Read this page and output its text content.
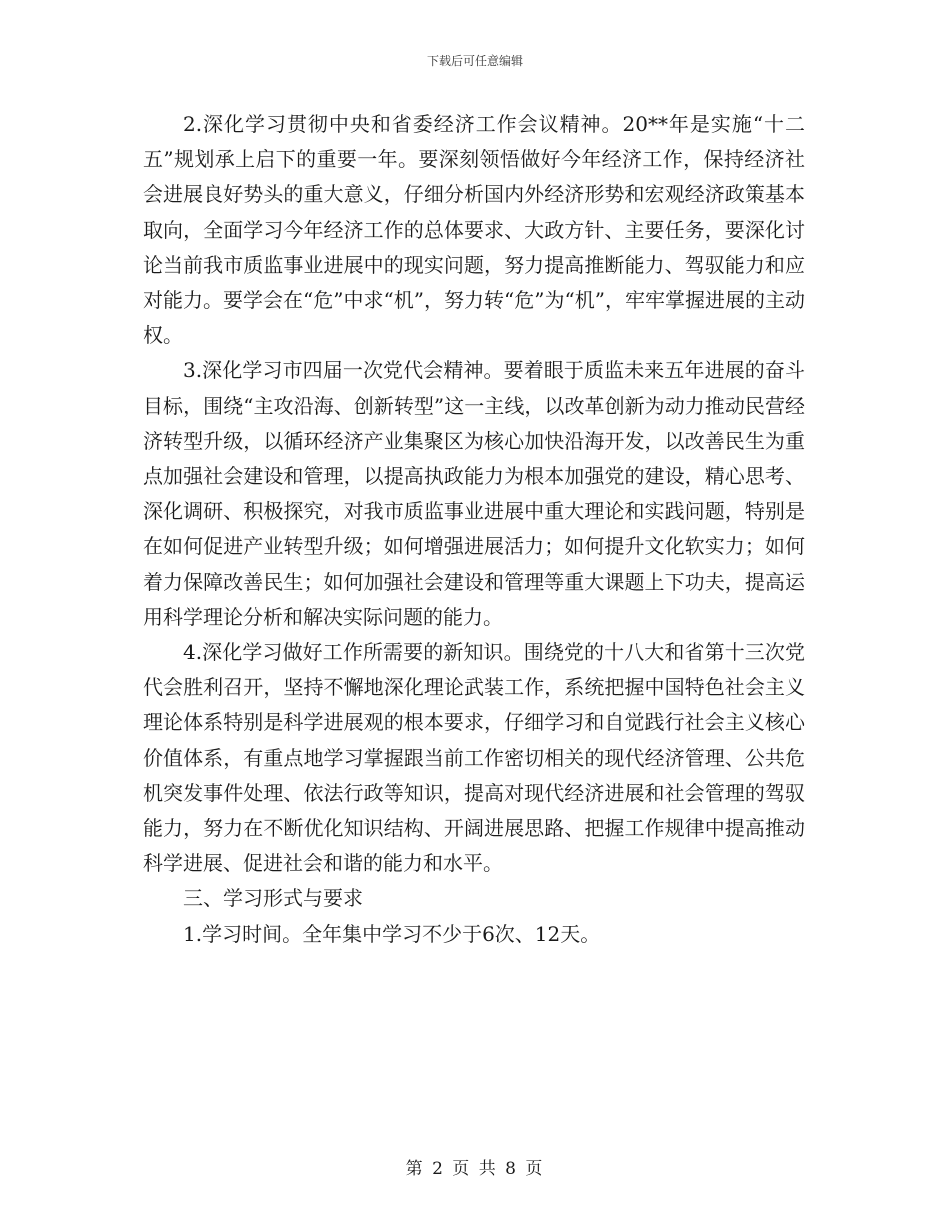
下载后可任意编辑

2.深化学习贯彻中央和省委经济工作会议精神。20**年是实施“十二五”规划承上启下的重要一年。要深刻领悟做好今年经济工作，保持经济社会进展良好势头的重大意义，仔细分析国内外经济形势和宏观经济政策基本取向，全面学习今年经济工作的总体要求、大政方针、主要任务，要深化讨论当前我市质监事业进展中的现实问题，努力提高推断能力、驾驭能力和应对能力。要学会在“危”中求“机”，努力转“危”为“机”，牢牢掌握进展的主动权。

3.深化学习市四届一次党代会精神。要着眼于质监未来五年进展的奋斗目标，围绕“主攻沿海、创新转型”这一主线，以改革创新为动力推动民营经济转型升级，以循环经济产业集聚区为核心加快沿海开发，以改善民生为重点加强社会建设和管理，以提高执政能力为根本加强党的建设，精心思考、深化调研、积极探究，对我市质监事业进展中重大理论和实践问题，特别是在如何促进产业转型升级；如何增强进展活力；如何提升文化软实力；如何着力保障改善民生；如何加强社会建设和管理等重大课题上下功夫，提高运用科学理论分析和解决实际问题的能力。

4.深化学习做好工作所需要的新知识。围绕党的十八大和省第十三次党代会胜利召开，坚持不懈地深化理论武装工作，系统把握中国特色社会主义理论体系特别是科学进展观的根本要求，仔细学习和自觉践行社会主义核心价值体系，有重点地学习掌握跟当前工作密切相关的现代经济管理、公共危机突发事件处理、依法行政等知识，提高对现代经济进展和社会管理的驾驭能力，努力在不断优化知识结构、开阔进展思路、把握工作规律中提高推动科学进展、促进社会和谐的能力和水平。

三、学习形式与要求

1.学习时间。全年集中学习不少于6次、12天。

第 2 页 共 8 页
